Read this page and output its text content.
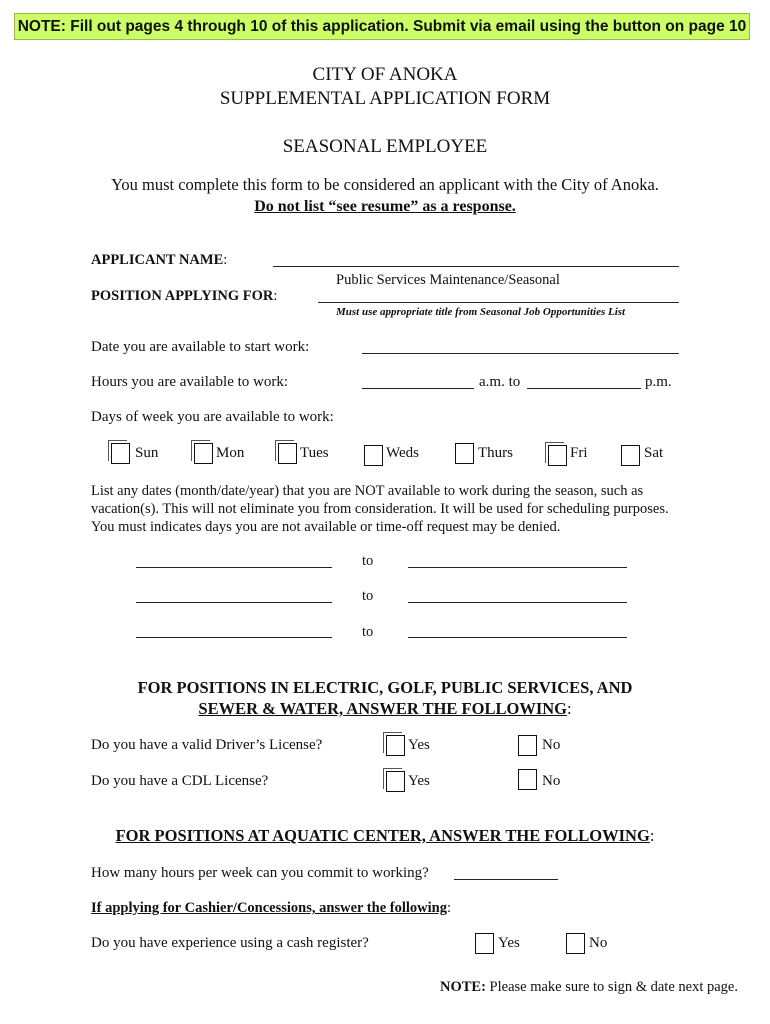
NOTE: Fill out pages 4 through 10 of this application. Submit via email using the button on page 10
CITY OF ANOKA
SUPPLEMENTAL APPLICATION FORM
SEASONAL EMPLOYEE
You must complete this form to be considered an applicant with the City of Anoka.
Do not list “see resume” as a response.
APPLICANT NAME:
Public Services Maintenance/Seasonal
POSITION APPLYING FOR:
Must use appropriate title from Seasonal Job Opportunities List
Date you are available to start work:
Hours you are available to work:	a.m. to	p.m.
Days of week you are available to work:
Sun	Mon	Tues	Weds	Thurs	Fri	Sat
List any dates (month/date/year) that you are NOT available to work during the season, such as vacation(s). This will not eliminate you from consideration. It will be used for scheduling purposes. You must indicates days you are not available or time-off request may be denied.
to
to
to
FOR POSITIONS IN ELECTRIC, GOLF, PUBLIC SERVICES, AND
SEWER & WATER, ANSWER THE FOLLOWING:
Do you have a valid Driver’s License?	Yes	No
Do you have a CDL License?	Yes	No
FOR POSITIONS AT AQUATIC CENTER, ANSWER THE FOLLOWING:
How many hours per week can you commit to working?
If applying for Cashier/Concessions, answer the following:
Do you have experience using a cash register?	Yes	No
NOTE: Please make sure to sign & date next page.
